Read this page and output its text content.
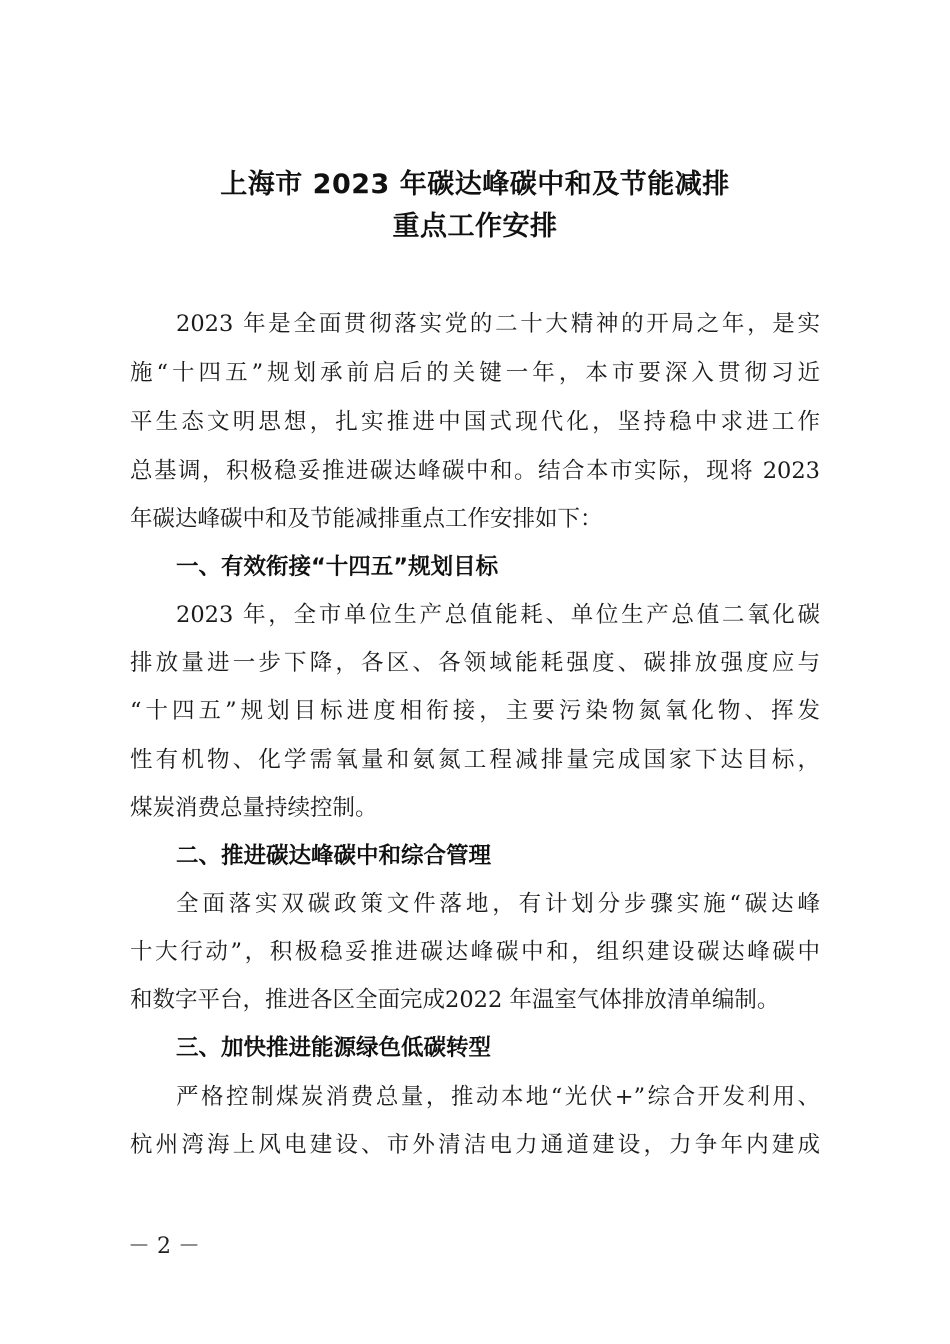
上海市 2023 年碳达峰碳中和及节能减排
重点工作安排
2023 年是全面贯彻落实党的二十大精神的开局之年，是实
施“十四五”规划承前启后的关键一年，本市要深入贯彻习近
平生态文明思想，扎实推进中国式现代化，坚持稳中求进工作
总基调，积极稳妥推进碳达峰碳中和。结合本市实际，现将 2023
年碳达峰碳中和及节能减排重点工作安排如下：
一、有效衔接“十四五”规划目标
2023 年，全市单位生产总值能耗、单位生产总值二氧化碳
排放量进一步下降，各区、各领域能耗强度、碳排放强度应与
“十四五”规划目标进度相衔接，主要污染物氮氧化物、挥发
性有机物、化学需氧量和氨氮工程减排量完成国家下达目标，
煤炭消费总量持续控制。
二、推进碳达峰碳中和综合管理
全面落实双碳政策文件落地，有计划分步骤实施“碳达峰
十大行动”，积极稳妥推进碳达峰碳中和，组织建设碳达峰碳中
和数字平台，推进各区全面完成2022 年温室气体排放清单编制。
三、加快推进能源绿色低碳转型
严格控制煤炭消费总量，推动本地“光伏+”综合开发利用、
杭州湾海上风电建设、市外清洁电力通道建设，力争年内建成
－ 2 －
